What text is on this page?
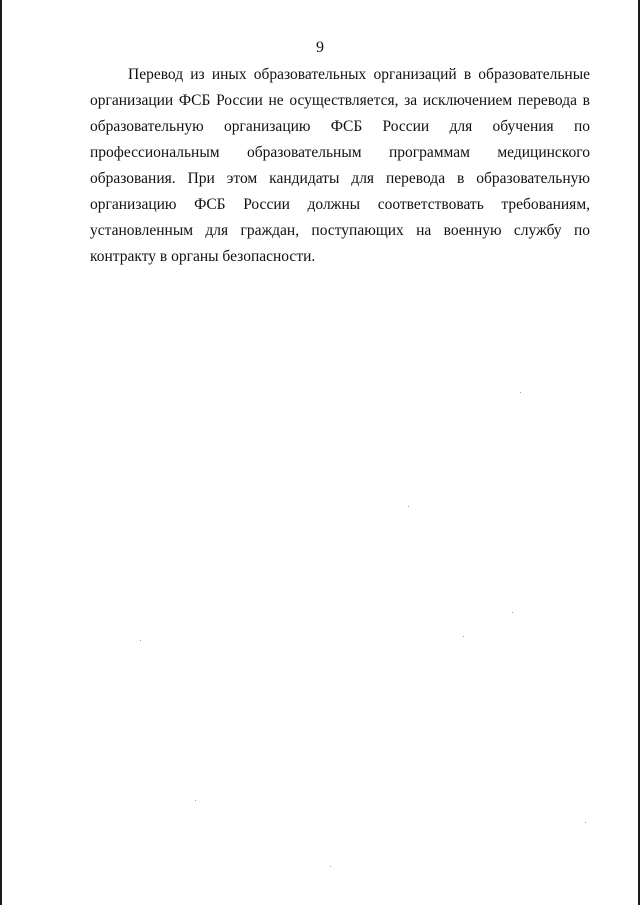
9

Перевод из иных образовательных организаций в образовательные организации ФСБ России не осуществляется, за исключением перевода в образовательную организацию ФСБ России для обучения по профессиональным образовательным программам медицинского образования. При этом кандидаты для перевода в образовательную организацию ФСБ России должны соответствовать требованиям, установленным для граждан, поступающих на военную службу по контракту в органы безопасности.
